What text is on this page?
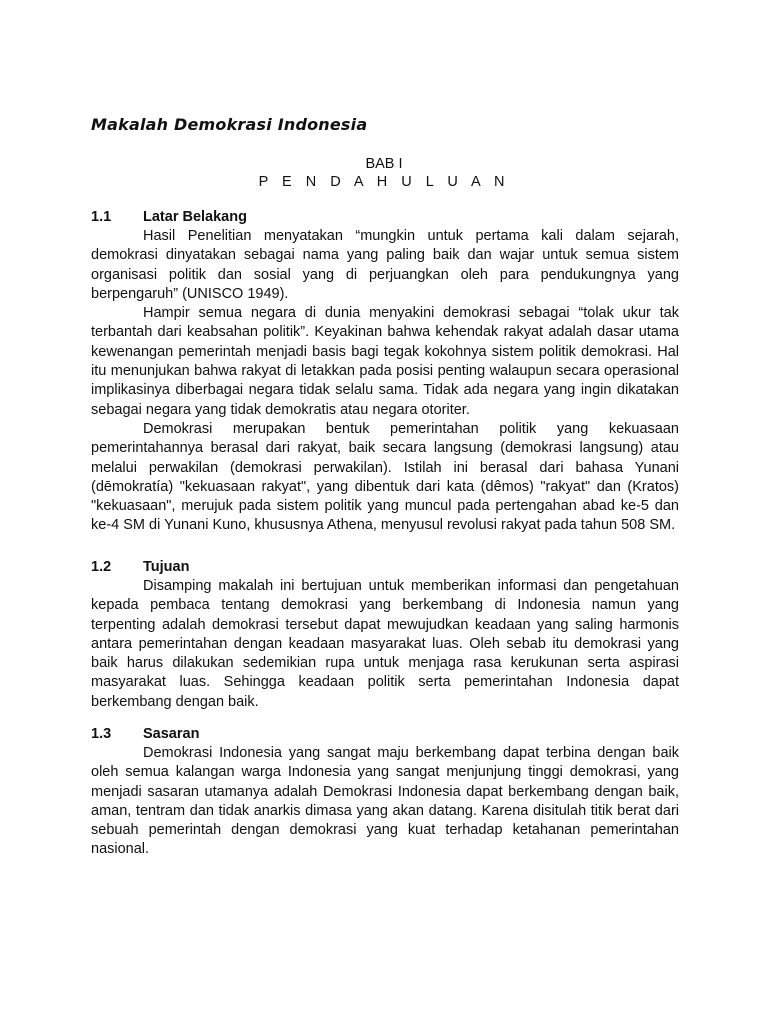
Makalah Demokrasi Indonesia

BAB I

P E N D A H U L U A N

1.1 Latar Belakang

Hasil Penelitian menyatakan “mungkin untuk pertama kali dalam sejarah, demokrasi dinyatakan sebagai nama yang paling baik dan wajar untuk semua sistem organisasi politik dan sosial yang di perjuangkan oleh para pendukungnya yang berpengaruh” (UNISCO 1949).

Hampir semua negara di dunia menyakini demokrasi sebagai “tolak ukur tak terbantah dari keabsahan politik”. Keyakinan bahwa kehendak rakyat adalah dasar utama kewenangan pemerintah menjadi basis bagi tegak kokohnya sistem politik demokrasi. Hal itu menunjukan bahwa rakyat di letakkan pada posisi penting walaupun secara operasional implikasinya diberbagai negara tidak selalu sama. Tidak ada negara yang ingin dikatakan sebagai negara yang tidak demokratis atau negara otoriter.

Demokrasi merupakan bentuk pemerintahan politik yang kekuasaan pemerintahannya berasal dari rakyat, baik secara langsung (demokrasi langsung) atau melalui perwakilan (demokrasi perwakilan). Istilah ini berasal dari bahasa Yunani (dēmokratía) "kekuasaan rakyat", yang dibentuk dari kata (dêmos) "rakyat" dan (Kratos) "kekuasaan", merujuk pada sistem politik yang muncul pada pertengahan abad ke-5 dan ke-4 SM di Yunani Kuno, khususnya Athena, menyusul revolusi rakyat pada tahun 508 SM.

1.2 Tujuan

Disamping makalah ini bertujuan untuk memberikan informasi dan pengetahuan kepada pembaca tentang demokrasi yang berkembang di Indonesia namun yang terpenting adalah demokrasi tersebut dapat mewujudkan keadaan yang saling harmonis antara pemerintahan dengan keadaan masyarakat luas. Oleh sebab itu demokrasi yang baik harus dilakukan sedemikian rupa untuk menjaga rasa kerukunan serta aspirasi masyarakat luas. Sehingga keadaan politik serta pemerintahan Indonesia dapat berkembang dengan baik.

1.3 Sasaran

Demokrasi Indonesia yang sangat maju berkembang dapat terbina dengan baik oleh semua kalangan warga Indonesia yang sangat menjunjung tinggi demokrasi, yang menjadi sasaran utamanya adalah Demokrasi Indonesia dapat berkembang dengan baik, aman, tentram dan tidak anarkis dimasa yang akan datang. Karena disitulah titik berat dari sebuah pemerintah dengan demokrasi yang kuat terhadap ketahanan pemerintahan nasional.
